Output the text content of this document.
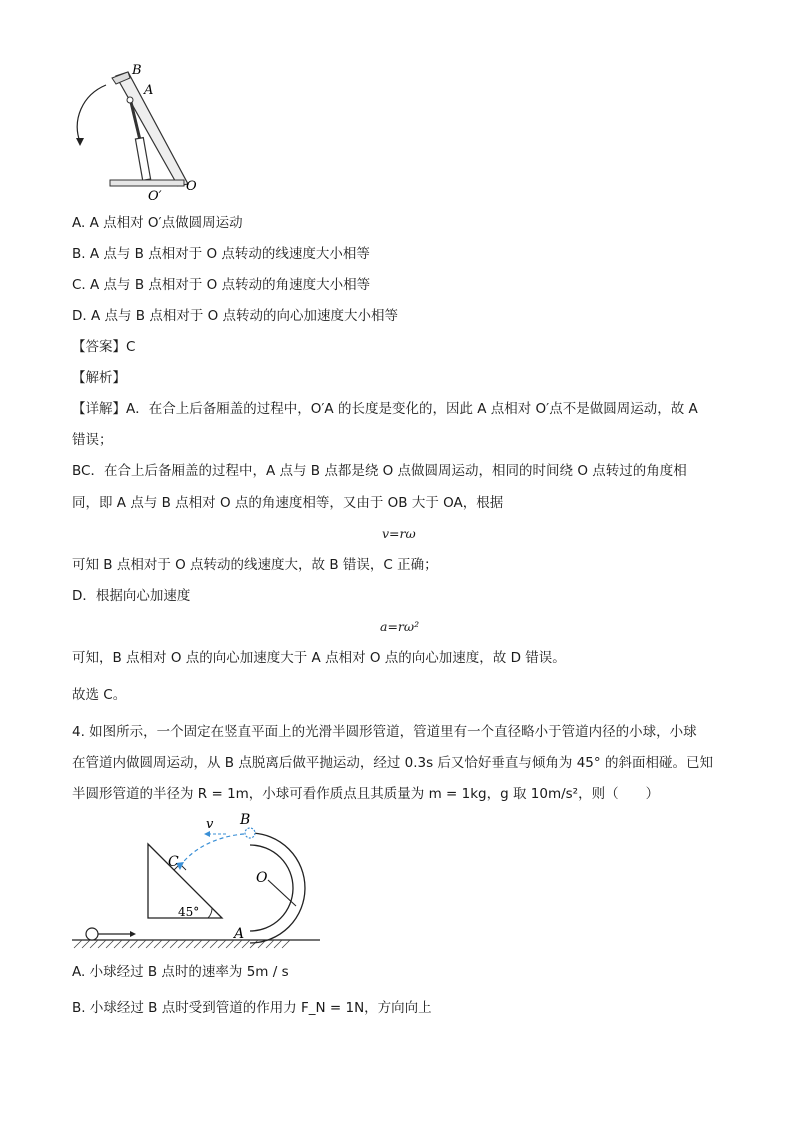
B
A
O
O′
A. A 点相对 O′点做圆周运动
B. A 点与 B 点相对于 O 点转动的线速度大小相等
C. A 点与 B 点相对于 O 点转动的角速度大小相等
D. A 点与 B 点相对于 O 点转动的向心加速度大小相等
【答案】C
【解析】
【详解】A．在合上后备厢盖的过程中，O′A 的长度是变化的，因此 A 点相对 O′点不是做圆周运动，故 A
错误；
BC．在合上后备厢盖的过程中，A 点与 B 点都是绕 O 点做圆周运动，相同的时间绕 O 点转过的角度相
同，即 A 点与 B 点相对 O 点的角速度相等，又由于 OB 大于 OA，根据
v=rω
可知 B 点相对于 O 点转动的线速度大，故 B 错误，C 正确；
D．根据向心加速度
a=rω²
可知，B 点相对 O 点的向心加速度大于 A 点相对 O 点的向心加速度，故 D 错误。
故选 C。
4. 如图所示，一个固定在竖直平面上的光滑半圆形管道，管道里有一个直径略小于管道内径的小球，小球
在管道内做圆周运动，从 B 点脱离后做平抛运动，经过 0.3s 后又恰好垂直与倾角为 45° 的斜面相碰。已知
半圆形管道的半径为 R = 1m，小球可看作质点且其质量为 m = 1kg，g 取 10m/s²，则（　　）
v B
C
O
A
45°
A. 小球经过 B 点时的速率为 5m / s
B. 小球经过 B 点时受到管道的作用力 F_N = 1N，方向向上
